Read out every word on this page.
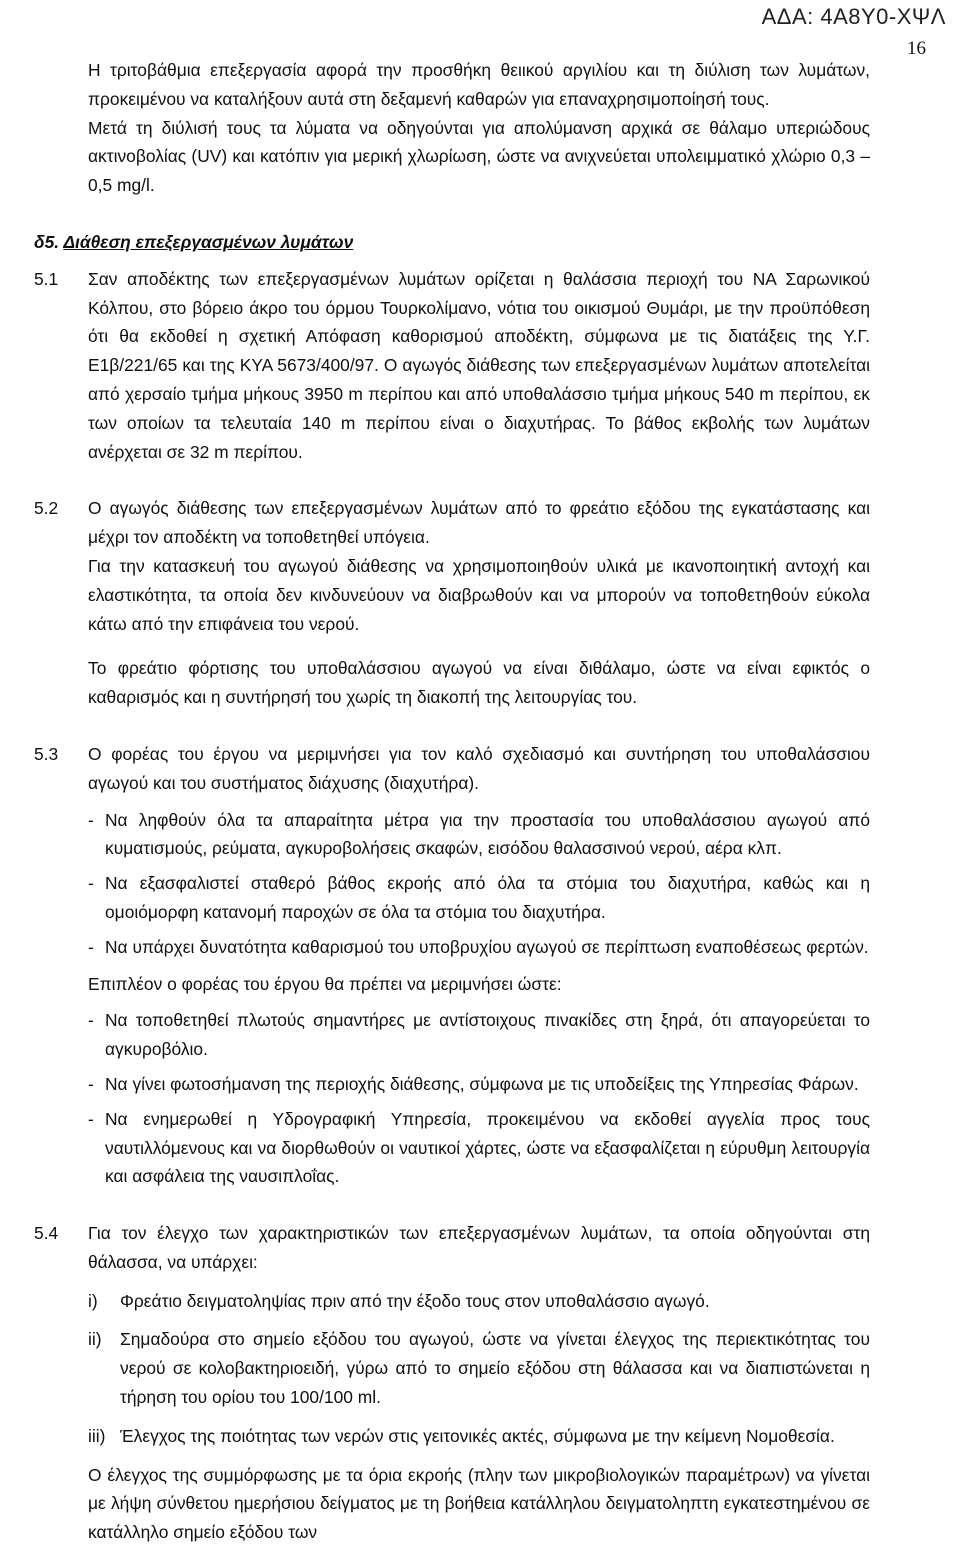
ΑΔΑ: 4Α8Υ0-ΧΨΛ
16

Η τριτοβάθμια επεξεργασία αφορά την προσθήκη θειικού αργιλίου και τη διύλιση των λυμάτων, προκειμένου να καταλήξουν αυτά στη δεξαμενή καθαρών για επαναχρησιμοποίησή τους.

Μετά τη διύλισή τους τα λύματα να οδηγούνται για απολύμανση αρχικά σε θάλαμο υπεριώδους ακτινοβολίας (UV) και κατόπιν για μερική χλωρίωση, ώστε να ανιχνεύεται υπολειμματικό χλώριο 0,3 – 0,5 mg/l.

δ5. Διάθεση επεξεργασμένων λυμάτων
5.1 Σαν αποδέκτης των επεξεργασμένων λυμάτων ορίζεται η θαλάσσια περιοχή του ΝΑ Σαρωνικού Κόλπου, στο βόρειο άκρο του όρμου Τουρκολίμανο, νότια του οικισμού Θυμάρι, με την προϋπόθεση ότι θα εκδοθεί η σχετική Απόφαση καθορισμού αποδέκτη, σύμφωνα με τις διατάξεις της Υ.Γ. Ε1β/221/65 και της ΚΥΑ 5673/400/97. Ο αγωγός διάθεσης των επεξεργασμένων λυμάτων αποτελείται από χερσαίο τμήμα μήκους 3950 m περίπου και από υποθαλάσσιο τμήμα μήκους 540 m περίπου, εκ των οποίων τα τελευταία 140 m περίπου είναι ο διαχυτήρας. Το βάθος εκβολής των λυμάτων ανέρχεται σε 32 m περίπου.

5.2 Ο αγωγός διάθεσης των επεξεργασμένων λυμάτων από το φρεάτιο εξόδου της εγκατάστασης και μέχρι τον αποδέκτη να τοποθετηθεί υπόγεια.

Για την κατασκευή του αγωγού διάθεσης να χρησιμοποιηθούν υλικά με ικανοποιητική αντοχή και ελαστικότητα, τα οποία δεν κινδυνεύουν να διαβρωθούν και να μπορούν να τοποθετηθούν εύκολα κάτω από την επιφάνεια του νερού.

Το φρεάτιο φόρτισης του υποθαλάσσιου αγωγού να είναι διθάλαμο, ώστε να είναι εφικτός ο καθαρισμός και η συντήρησή του χωρίς τη διακοπή της λειτουργίας του.

5.3 Ο φορέας του έργου να μεριμνήσει για τον καλό σχεδιασμό και συντήρηση του υποθαλάσσιου αγωγού και του συστήματος διάχυσης (διαχυτήρα).

- Να ληφθούν όλα τα απαραίτητα μέτρα για την προστασία του υποθαλάσσιου αγωγού από κυματισμούς, ρεύματα, αγκυροβολήσεις σκαφών, εισόδου θαλασσινού νερού, αέρα κλπ.

- Να εξασφαλιστεί σταθερό βάθος εκροής από όλα τα στόμια του διαχυτήρα, καθώς και η ομοιόμορφη κατανομή παροχών σε όλα τα στόμια του διαχυτήρα.

- Να υπάρχει δυνατότητα καθαρισμού του υποβρυχίου αγωγού σε περίπτωση εναποθέσεως φερτών.

Επιπλέον ο φορέας του έργου θα πρέπει να μεριμνήσει ώστε:

- Να τοποθετηθεί πλωτούς σημαντήρες με αντίστοιχους πινακίδες στη ξηρά, ότι απαγορεύεται το αγκυροβόλιο.

- Να γίνει φωτοσήμανση της περιοχής διάθεσης, σύμφωνα με τις υποδείξεις της Υπηρεσίας Φάρων.

- Να ενημερωθεί η Υδρογραφική Υπηρεσία, προκειμένου να εκδοθεί αγγελία προς τους ναυτιλλόμενους και να διορθωθούν οι ναυτικοί χάρτες, ώστε να εξασφαλίζεται η εύρυθμη λειτουργία και ασφάλεια της ναυσιπλοΐας.

5.4 Για τον έλεγχο των χαρακτηριστικών των επεξεργασμένων λυμάτων, τα οποία οδηγούνται στη θάλασσα, να υπάρχει:

i) Φρεάτιο δειγματοληψίας πριν από την έξοδο τους στον υποθαλάσσιο αγωγό.

ii) Σημαδούρα στο σημείο εξόδου του αγωγού, ώστε να γίνεται έλεγχος της περιεκτικότητας του νερού σε κολοβακτηριοειδή, γύρω από το σημείο εξόδου στη θάλασσα και να διαπιστώνεται η τήρηση του ορίου του 100/100 ml.

iii) Έλεγχος της ποιότητας των νερών στις γειτονικές ακτές, σύμφωνα με την κείμενη Νομοθεσία.

Ο έλεγχος της συμμόρφωσης με τα όρια εκροής (πλην των μικροβιολογικών παραμέτρων) να γίνεται με λήψη σύνθετου ημερήσιου δείγματος με τη βοήθεια κατάλληλου δειγματοληπτη εγκατεστημένου σε κατάλληλο σημείο εξόδου των
